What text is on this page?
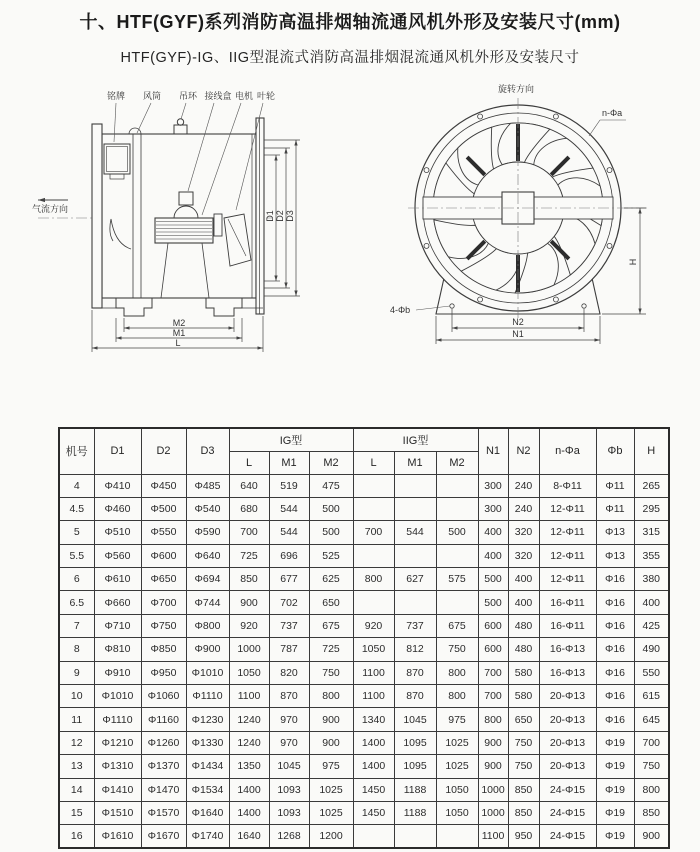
十、HTF(GYF)系列消防高温排烟轴流通风机外形及安装尺寸(mm)
HTF(GYF)-IG、IIG型混流式消防高温排烟混流通风机外形及安装尺寸
铭牌 风筒 吊环 接线盒 电机 叶轮
气流方向
D1 D2 D3
M2
M1
L
旋转方向
n-Φa
4-Φb
N2
N1
H
机号	D1	D2	D3	IG型			IIG型			N1	N2	n-Φa	Φb	H
				L	M1	M2	L	M1	M2					
4	Φ410	Φ450	Φ485	640	519	475				300	240	8-Φ11	Φ11	265
4.5	Φ460	Φ500	Φ540	680	544	500				300	240	12-Φ11	Φ11	295
5	Φ510	Φ550	Φ590	700	544	500	700	544	500	400	320	12-Φ11	Φ13	315
5.5	Φ560	Φ600	Φ640	725	696	525				400	320	12-Φ11	Φ13	355
6	Φ610	Φ650	Φ694	850	677	625	800	627	575	500	400	12-Φ11	Φ16	380
6.5	Φ660	Φ700	Φ744	900	702	650				500	400	16-Φ11	Φ16	400
7	Φ710	Φ750	Φ800	920	737	675	920	737	675	600	480	16-Φ11	Φ16	425
8	Φ810	Φ850	Φ900	1000	787	725	1050	812	750	600	480	16-Φ13	Φ16	490
9	Φ910	Φ950	Φ1010	1050	820	750	1100	870	800	700	580	16-Φ13	Φ16	550
10	Φ1010	Φ1060	Φ1110	1100	870	800	1100	870	800	700	580	20-Φ13	Φ16	615
11	Φ1110	Φ1160	Φ1230	1240	970	900	1340	1045	975	800	650	20-Φ13	Φ16	645
12	Φ1210	Φ1260	Φ1330	1240	970	900	1400	1095	1025	900	750	20-Φ13	Φ19	700
13	Φ1310	Φ1370	Φ1434	1350	1045	975	1400	1095	1025	900	750	20-Φ13	Φ19	750
14	Φ1410	Φ1470	Φ1534	1400	1093	1025	1450	1188	1050	1000	850	24-Φ15	Φ19	800
15	Φ1510	Φ1570	Φ1640	1400	1093	1025	1450	1188	1050	1000	850	24-Φ15	Φ19	850
16	Φ1610	Φ1670	Φ1740	1640	1268	1200				1100	950	24-Φ15	Φ19	900
